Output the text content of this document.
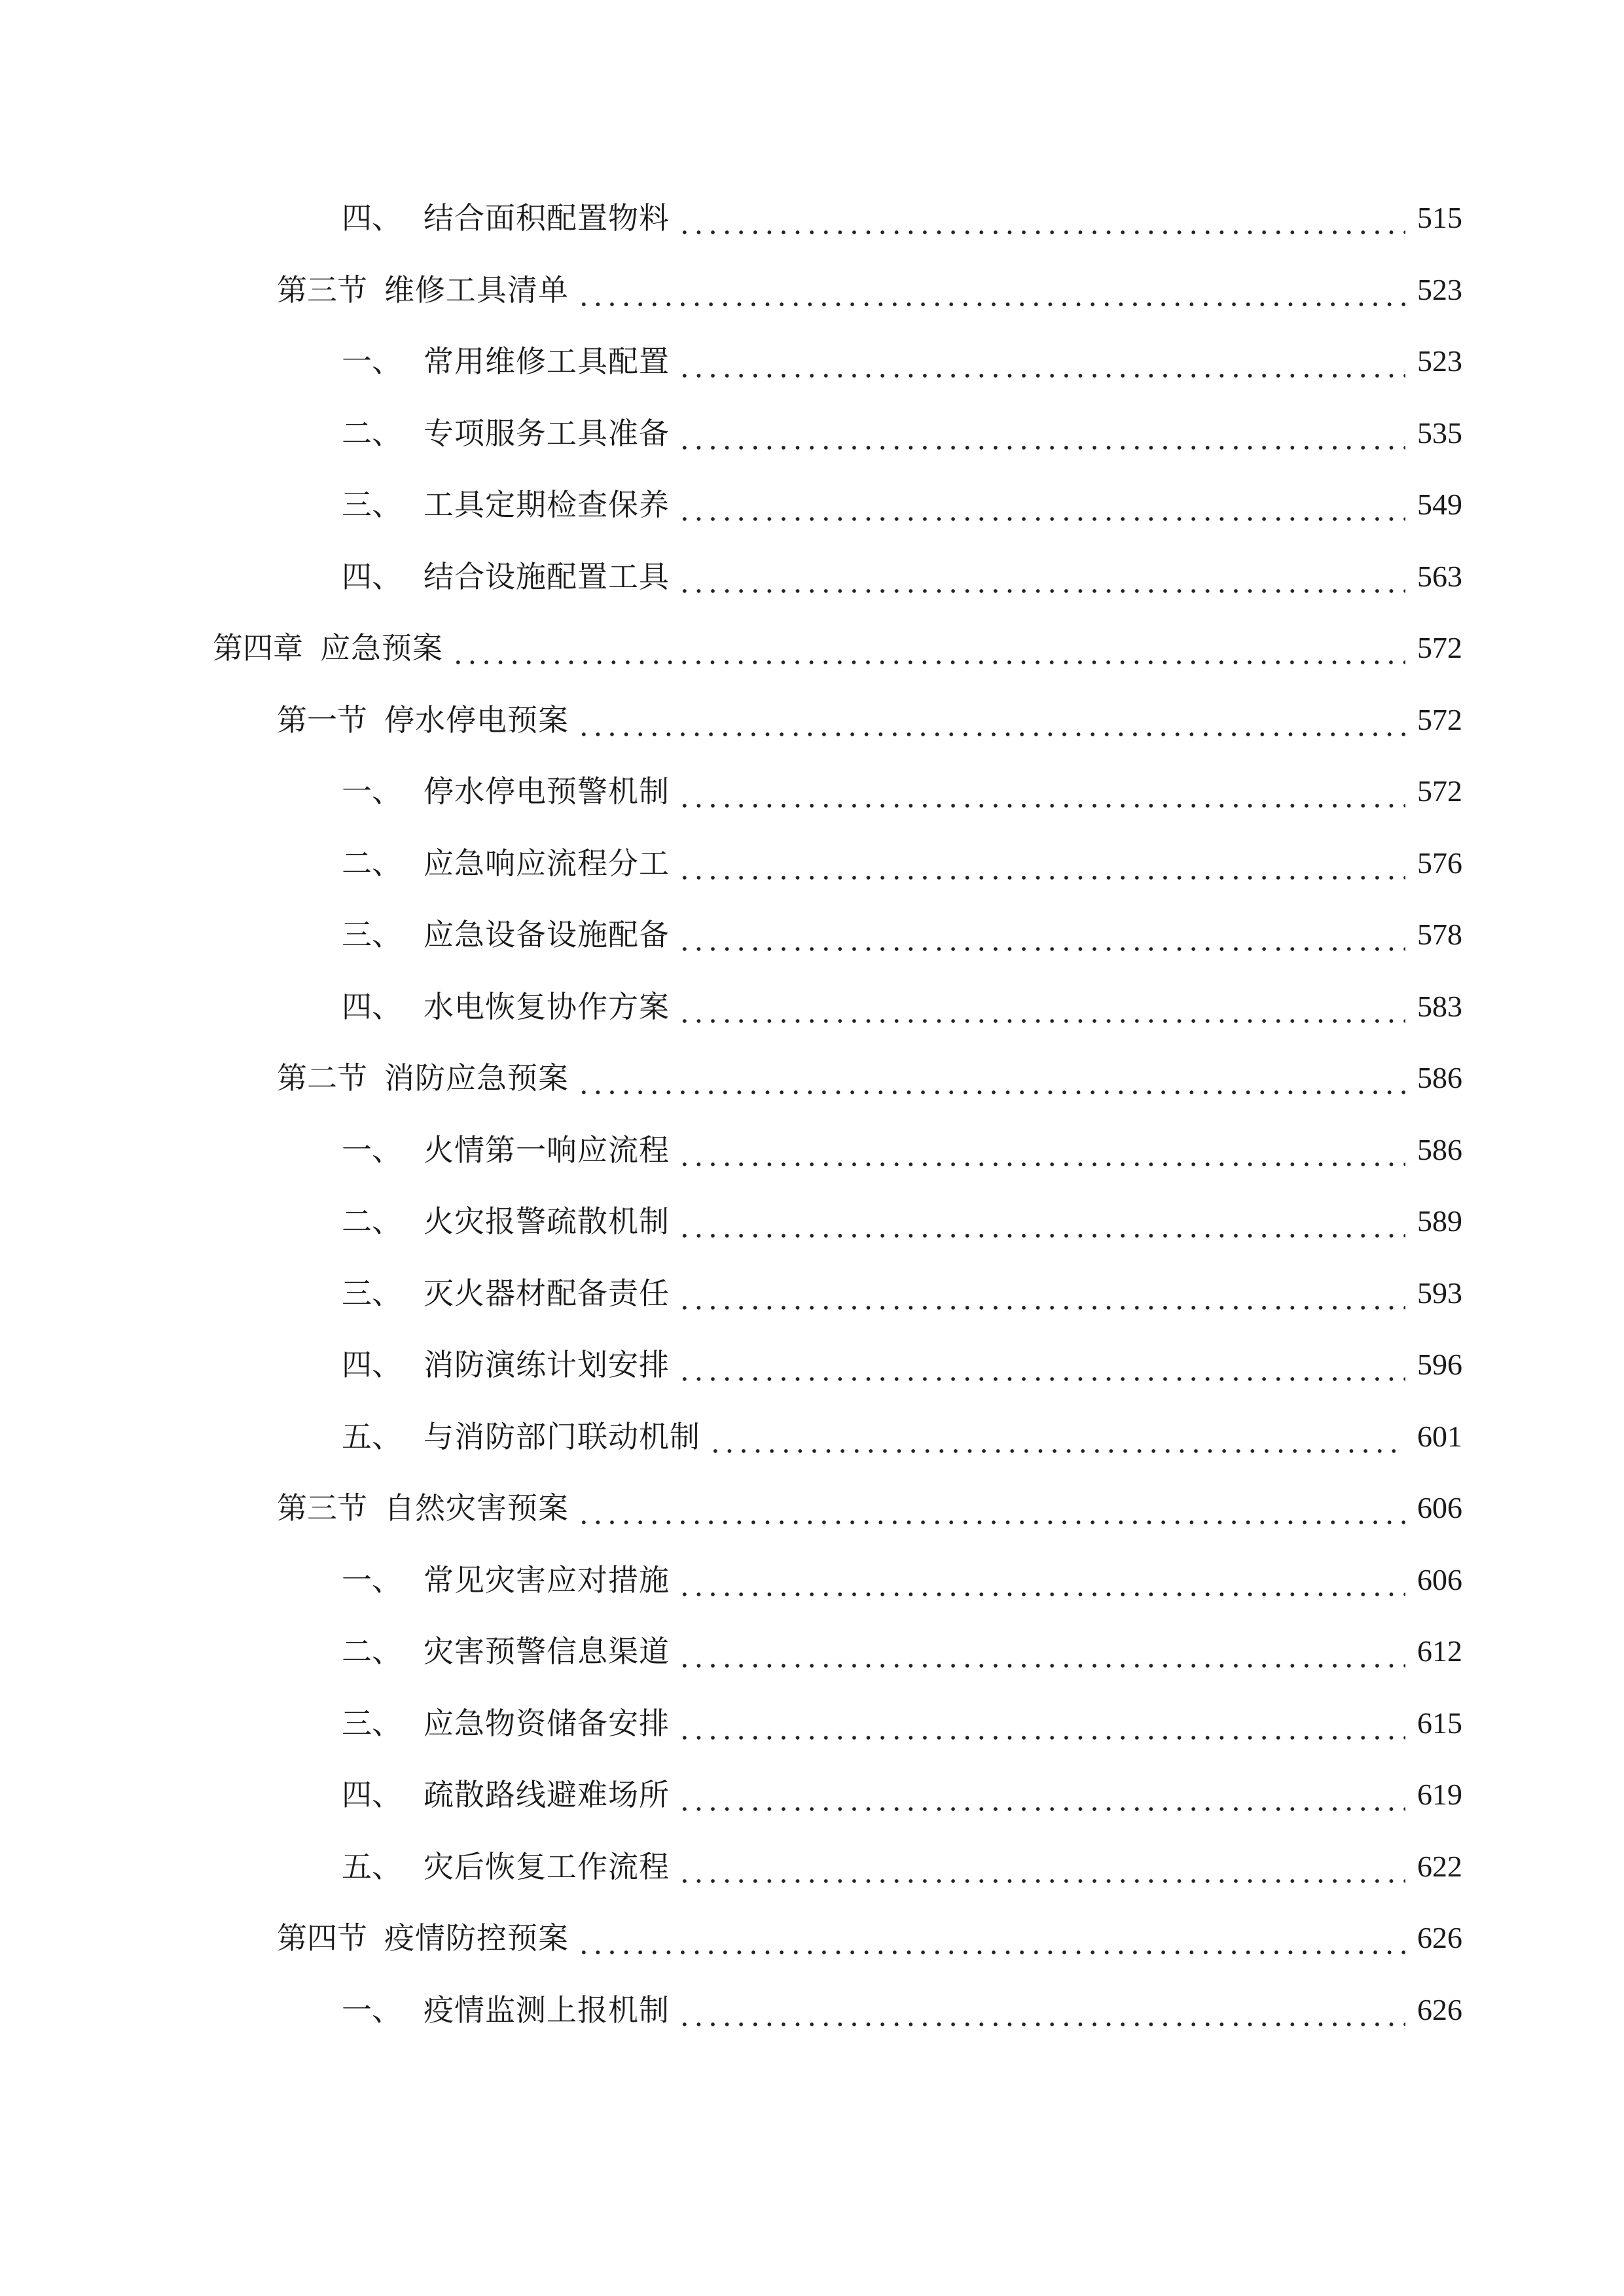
四、 结合面积配置物料	515
第三节 维修工具清单	523
一、 常用维修工具配置	523
二、 专项服务工具准备	535
三、 工具定期检查保养	549
四、 结合设施配置工具	563
第四章 应急预案	572
第一节 停水停电预案	572
一、 停水停电预警机制	572
二、 应急响应流程分工	576
三、 应急设备设施配备	578
四、 水电恢复协作方案	583
第二节 消防应急预案	586
一、 火情第一响应流程	586
二、 火灾报警疏散机制	589
三、 灭火器材配备责任	593
四、 消防演练计划安排	596
五、 与消防部门联动机制	601
第三节 自然灾害预案	606
一、 常见灾害应对措施	606
二、 灾害预警信息渠道	612
三、 应急物资储备安排	615
四、 疏散路线避难场所	619
五、 灾后恢复工作流程	622
第四节 疫情防控预案	626
一、 疫情监测上报机制	626
